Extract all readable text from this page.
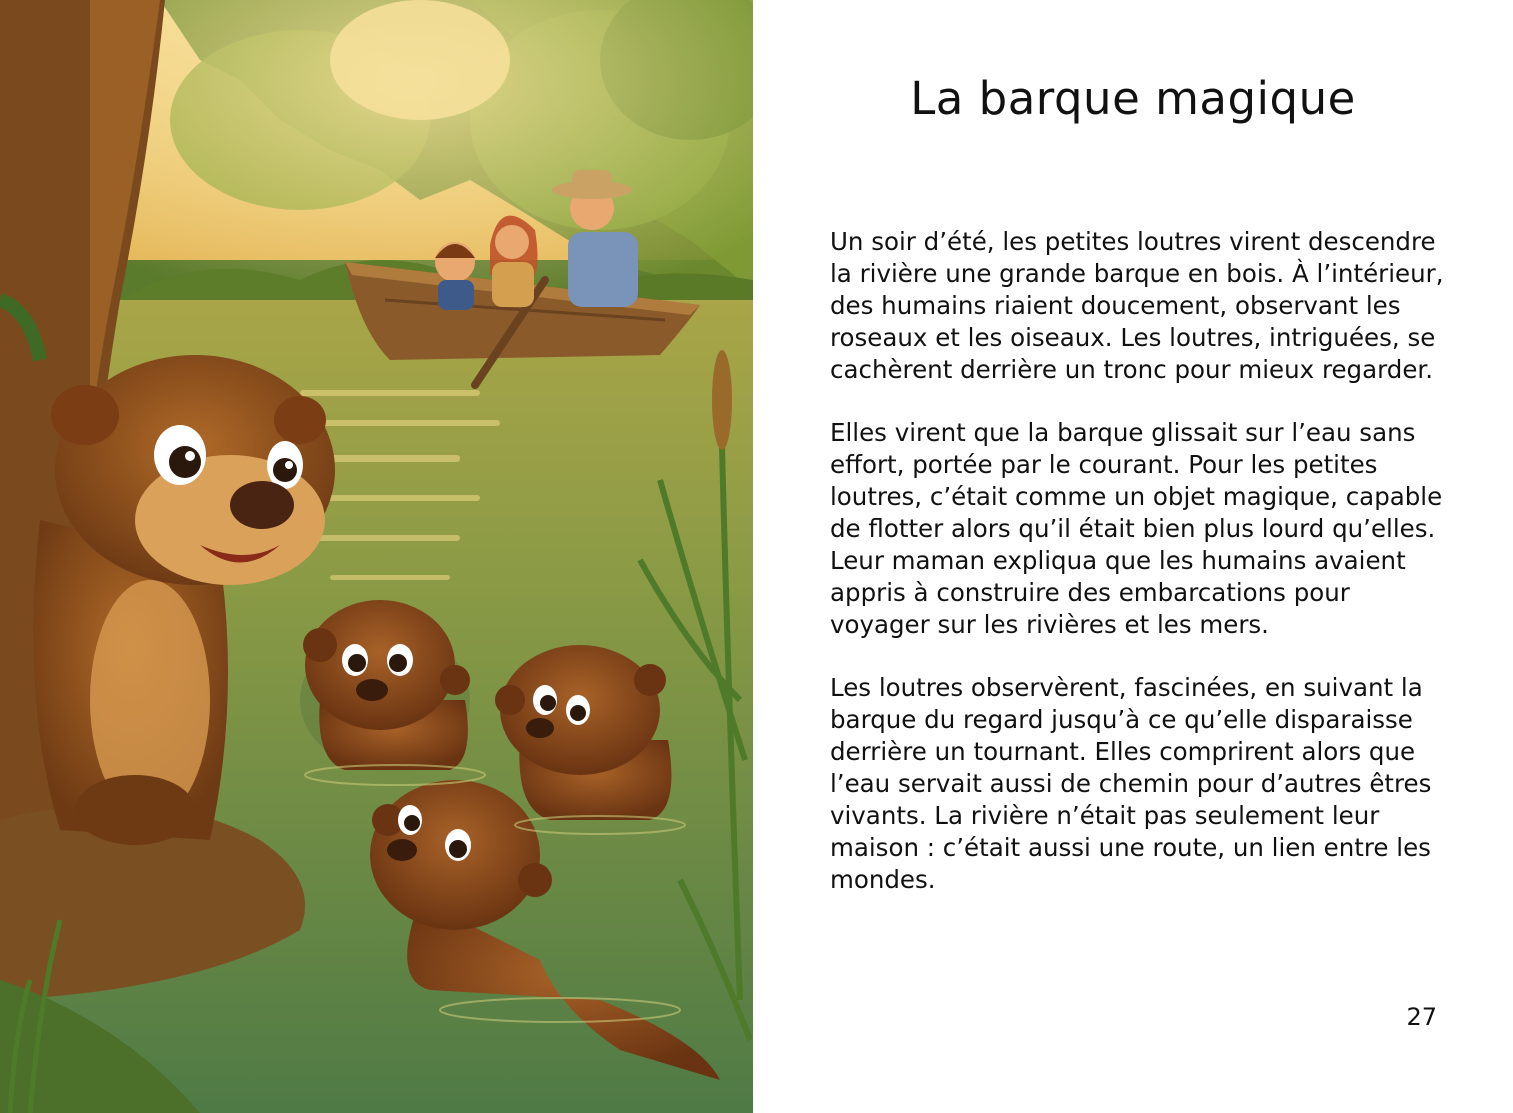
La barque magique

Un soir d’été, les petites loutres virent descendre la rivière une grande barque en bois. À l’intérieur, des humains riaient doucement, observant les roseaux et les oiseaux. Les loutres, intriguées, se cachèrent derrière un tronc pour mieux regarder.

Elles virent que la barque glissait sur l’eau sans effort, portée par le courant. Pour les petites loutres, c’était comme un objet magique, capable de flotter alors qu’il était bien plus lourd qu’elles. Leur maman expliqua que les humains avaient appris à construire des embarcations pour voyager sur les rivières et les mers.

Les loutres observèrent, fascinées, en suivant la barque du regard jusqu’à ce qu’elle disparaisse derrière un tournant. Elles comprirent alors que l’eau servait aussi de chemin pour d’autres êtres vivants. La rivière n’était pas seulement leur maison : c’était aussi une route, un lien entre les mondes.

27
